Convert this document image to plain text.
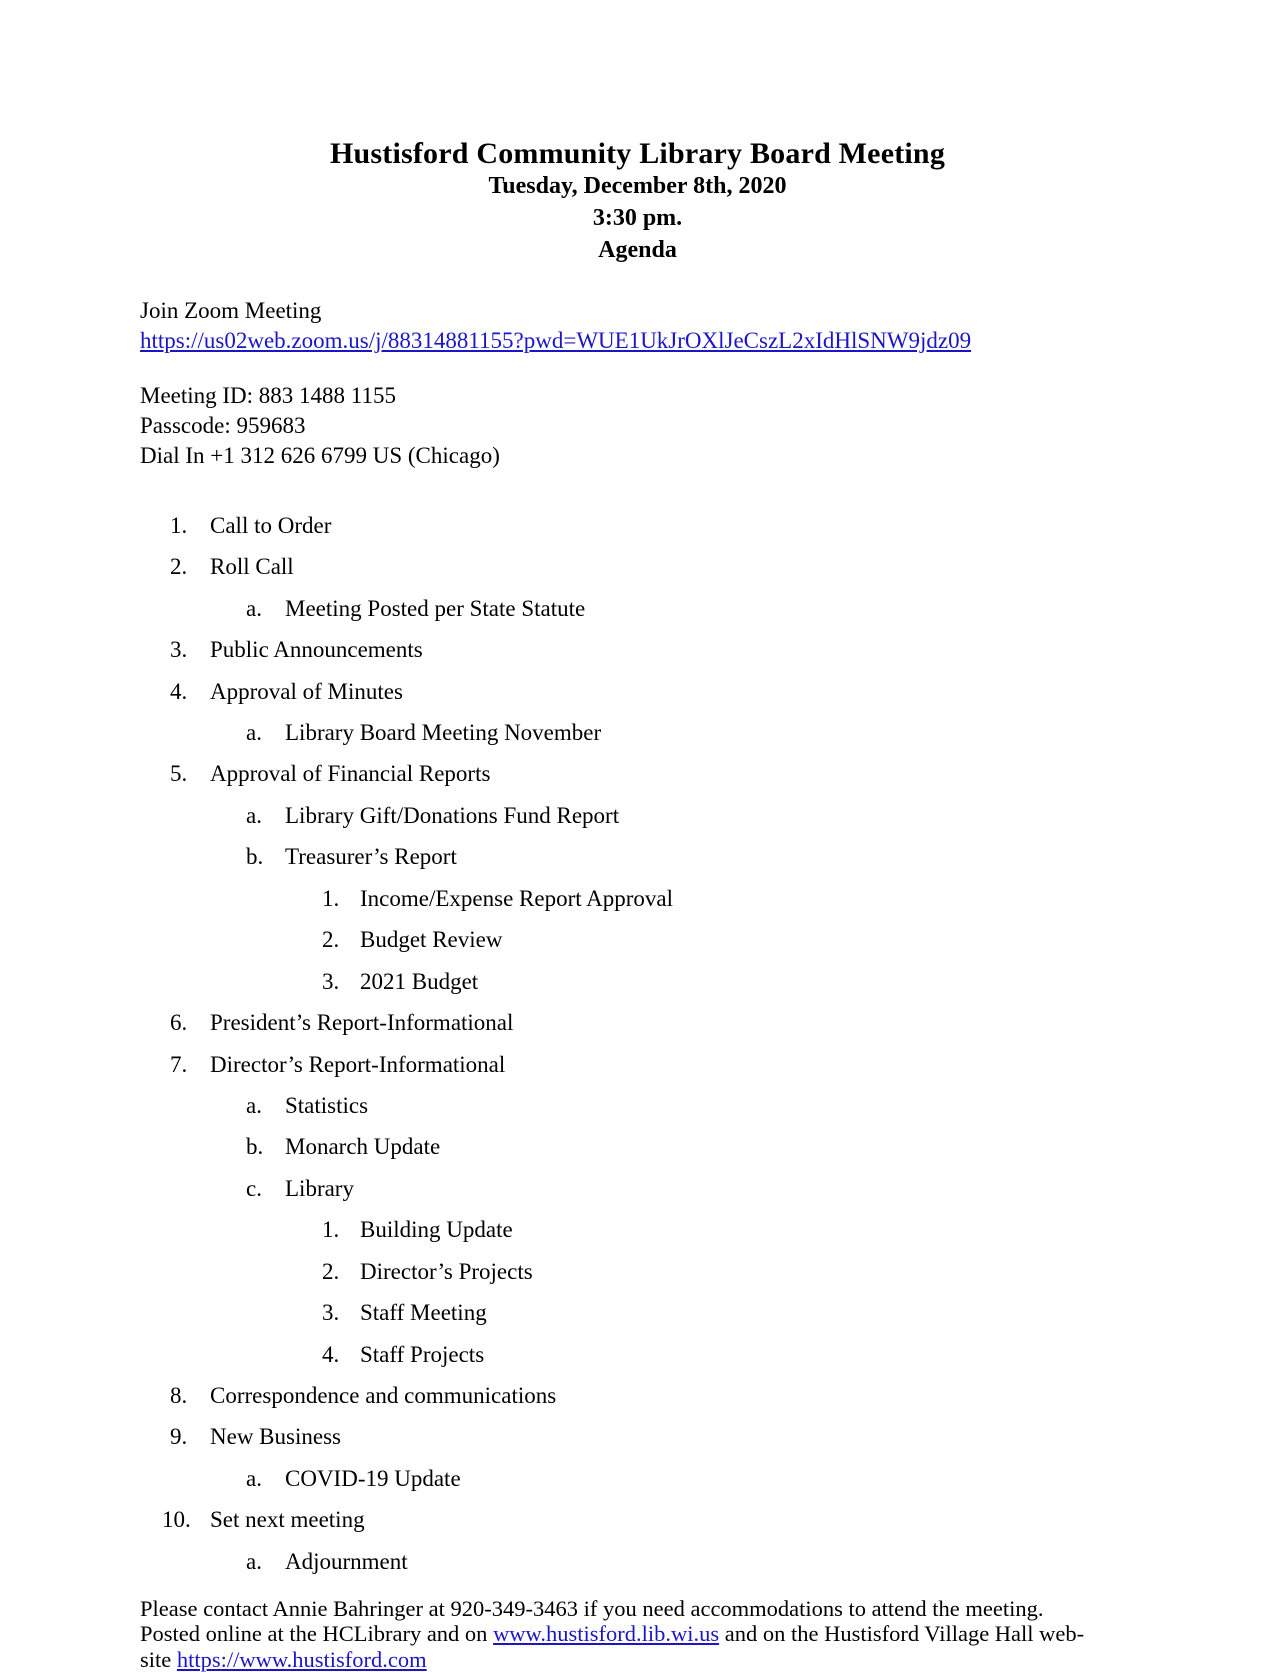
Hustisford Community Library Board Meeting
Tuesday, December 8th, 2020
3:30 pm.
Agenda
Join Zoom Meeting
https://us02web.zoom.us/j/88314881155?pwd=WUE1UkJrOXlJeCszL2xIdHlSNW9jdz09
Meeting ID: 883 1488 1155
Passcode: 959683
Dial In +1 312 626 6799 US (Chicago)
1. Call to Order
2. Roll Call
a.	Meeting Posted per State Statute
3. Public Announcements
4. Approval of Minutes
a.	Library Board Meeting November
5. Approval of Financial Reports
a.	Library Gift/Donations Fund Report
b. Treasurer’s Report
1. Income/Expense Report Approval
2. Budget Review
3. 2021 Budget
6. President’s Report-Informational
7. Director’s Report-Informational
a.	Statistics
b. Monarch Update
c.	Library
1. Building Update
2. Director’s Projects
3. Staff Meeting
4. Staff Projects
8. Correspondence and communications
9. New Business
a.	COVID-19 Update
10. Set next meeting
a.	Adjournment

Please contact Annie Bahringer at 920-349-3463 if you need accommodations to attend the meeting.

Posted online at the HCLibrary and on www.hustisford.lib.wi.us and on the Hustisford Village Hall web-

site https://www.hustisford.com
